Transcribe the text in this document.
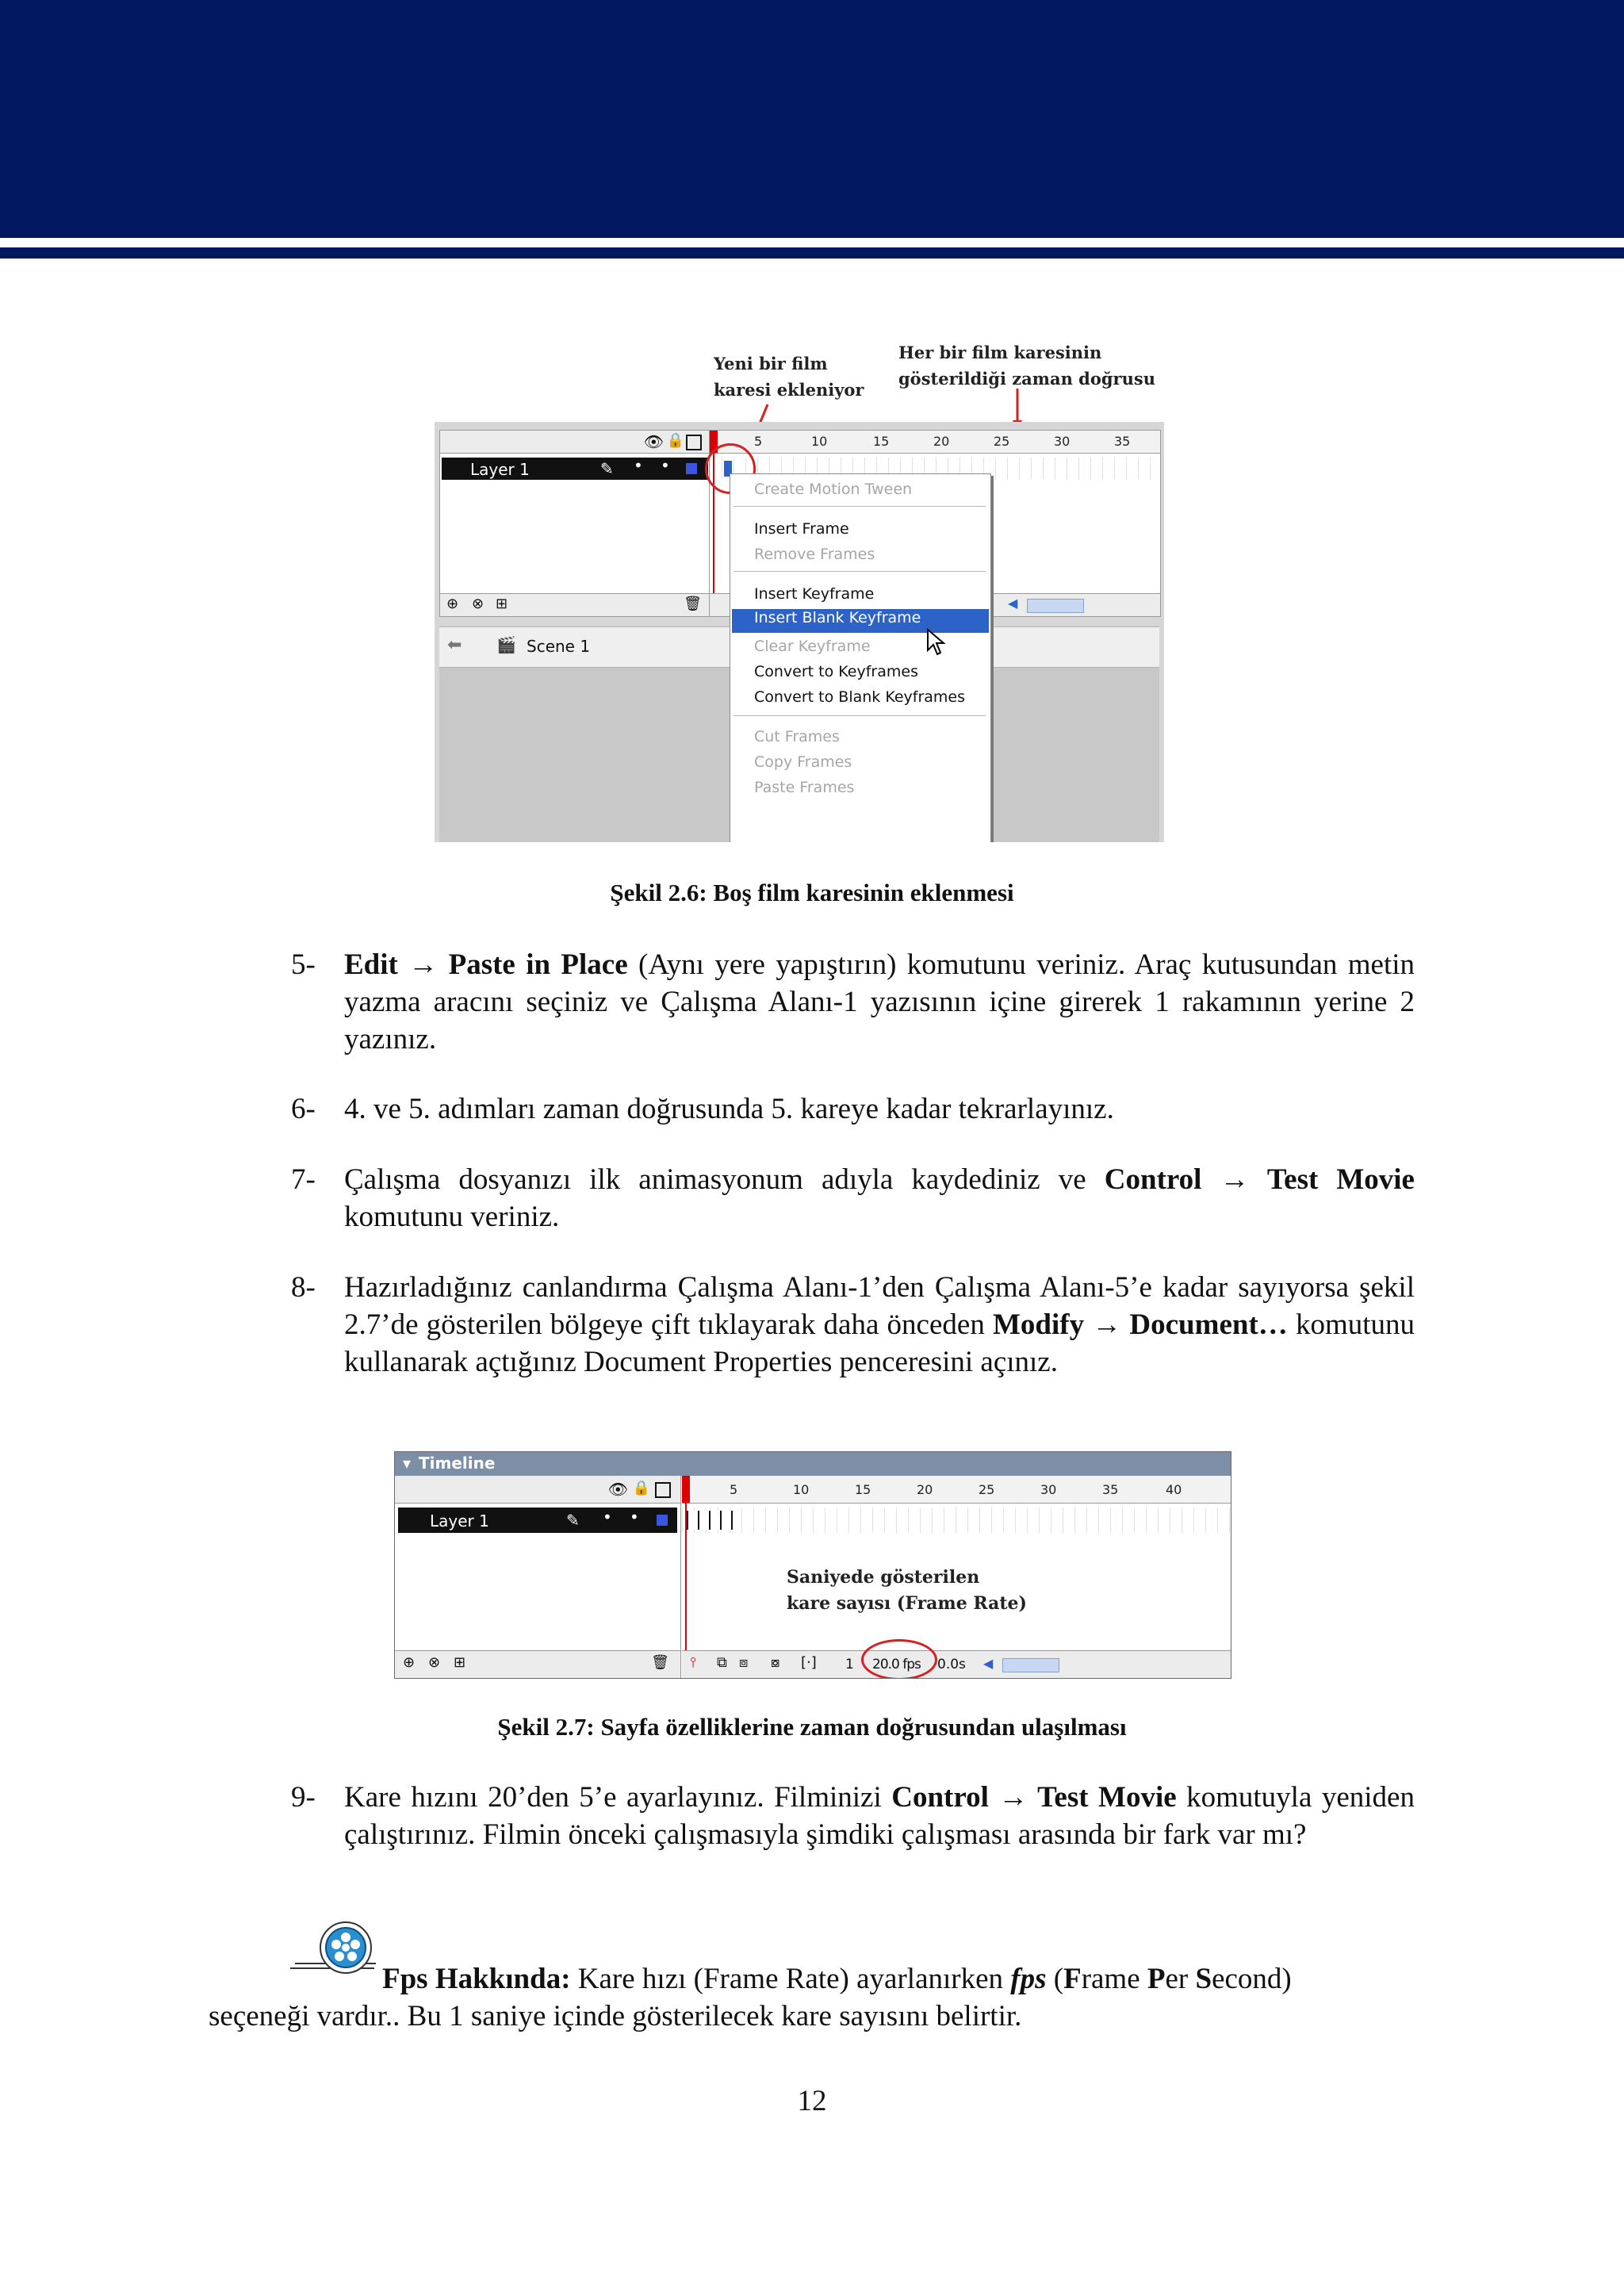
Yeni bir film
karesi ekleniyor
Her bir film karesinin
gösterildiği zaman doğrusu
👁 🔒
Layer 1	✎ • •
⊕ ⊗ ⊞	🗑
5	10	15	20	25	30	35
◀
⬅ 🎬 Scene 1
Create Motion Tween
Insert Frame
Remove Frames
Insert Keyframe
Insert Blank Keyframe
Clear Keyframe
Convert to Keyframes
Convert to Blank Keyframes
Cut Frames
Copy Frames
Paste Frames
Şekil 2.6: Boş film karesinin eklenmesi
5- Edit → Paste in Place (Aynı yere yapıştırın) komutunu veriniz. Araç kutusundan metin yazma aracını seçiniz ve Çalışma Alanı-1 yazısının içine girerek 1 rakamının yerine 2 yazınız.
6- 4. ve 5. adımları zaman doğrusunda 5. kareye kadar tekrarlayınız.
7- Çalışma dosyanızı ilk animasyonum adıyla kaydediniz ve Control → Test Movie komutunu veriniz.
8- Hazırladığınız canlandırma Çalışma Alanı-1’den Çalışma Alanı-5’e kadar sayıyorsa şekil 2.7’de gösterilen bölgeye çift tıklayarak daha önceden Modify → Document… komutunu kullanarak açtığınız Document Properties penceresini açınız.
▾ Timeline
👁 🔒
Layer 1	✎ • •
⊕ ⊗ ⊞	🗑
5	10	15	20	25	30	35	40
Saniyede gösterilen
kare sayısı (Frame Rate)
⫯ ⧉ ⧈ ⧇ [·] 1 20.0 fps 0.0s ◀
Şekil 2.7: Sayfa özelliklerine zaman doğrusundan ulaşılması
9- Kare hızını 20’den 5’e ayarlayınız. Filminizi Control → Test Movie komutuyla yeniden çalıştırınız. Filmin önceki çalışmasıyla şimdiki çalışması arasında bir fark var mı?
Fps Hakkında: Kare hızı (Frame Rate) ayarlanırken fps (Frame Per Second)
seçeneği vardır.. Bu 1 saniye içinde gösterilecek kare sayısını belirtir.
12
